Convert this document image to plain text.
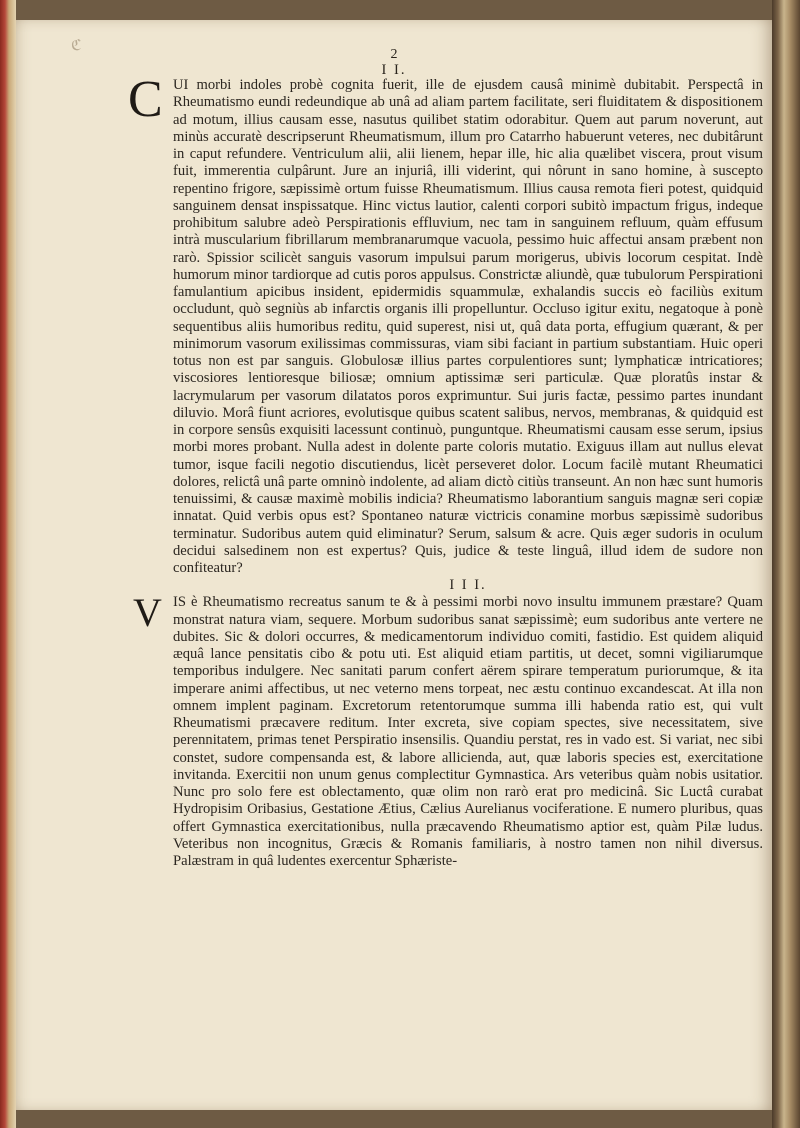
ℭ
2
I I.
C UI morbi indoles probè cognita fuerit, ille de ejusdem causâ minimè dubitabit. Perspectâ in Rheumatismo eundi redeundique ab unâ ad aliam partem facilitate, seri fluiditatem & dispositionem ad motum, illius causam esse, nasutus quilibet statim odorabitur. Quem aut parum noverunt, aut minùs accuratè descripserunt Rheumatismum, illum pro Catarrho habuerunt veteres, nec dubitârunt in caput refundere. Ventriculum alii, alii lienem, hepar ille, hic alia quælibet viscera, prout visum fuit, immerentia culpârunt. Jure an injuriâ, illi viderint, qui nôrunt in sano homine, à suscepto repentino frigore, sæpissimè ortum fuisse Rheumatismum. Illius causa remota fieri potest, quidquid sanguinem densat inspissatque. Hinc victus lautior, calenti corpori subitò impactum frigus, indeque prohibitum salubre adeò Perspirationis effluvium, nec tam in sanguinem refluum, quàm effusum intrà muscularium fibrillarum membranarumque vacuola, pessimo huic affectui ansam præbent non rarò. Spissior scilicèt sanguis vasorum impulsui parum morigerus, ubivis locorum cespitat. Indè humorum minor tardiorque ad cutis poros appulsus. Constrictæ aliundè, quæ tubulorum Perspirationi famulantium apicibus insident, epidermidis squammulæ, exhalandis succis eò faciliùs exitum occludunt, quò segniùs ab infarctis organis illi propelluntur. Occluso igitur exitu, negatoque à ponè sequentibus aliis humoribus reditu, quid superest, nisi ut, quâ data porta, effugium quærant, & per minimorum vasorum exilissimas commissuras, viam sibi faciant in partium substantiam. Huic operi totus non est par sanguis. Globulosæ illius partes corpulentiores sunt; lymphaticæ intricatiores; viscosiores lentioresque biliosæ; omnium aptissimæ seri particulæ. Quæ ploratûs instar & lacrymularum per vasorum dilatatos poros exprimuntur. Sui juris factæ, pessimo partes inundant diluvio. Morâ fiunt acriores, evolutisque quibus scatent salibus, nervos, membranas, & quidquid est in corpore sensûs exquisiti lacessunt continuò, punguntque. Rheumatismi causam esse serum, ipsius morbi mores probant. Nulla adest in dolente parte coloris mutatio. Exiguus illam aut nullus elevat tumor, isque facili negotio discutiendus, licèt perseveret dolor. Locum facilè mutant Rheumatici dolores, relictâ unâ parte omninò indolente, ad aliam dictò citiùs transeunt. An non hæc sunt humoris tenuissimi, & causæ maximè mobilis indicia? Rheumatismo laborantium sanguis magnæ seri copiæ innatat. Quid verbis opus est? Spontaneo naturæ victricis conamine morbus sæpissimè sudoribus terminatur. Sudoribus autem quid eliminatur? Serum, salsum & acre. Quis æger sudoris in oculum decidui salsedinem non est expertus? Quis, judice & teste linguâ, illud idem de sudore non confiteatur?

I I I.
V IS è Rheumatismo recreatus sanum te & à pessimi morbi novo insultu immunem præstare? Quam monstrat natura viam, sequere. Morbum sudoribus sanat sæpissimè; eum sudoribus ante vertere ne dubites. Sic & dolori occurres, & medicamentorum individuo comiti, fastidio. Est quidem aliquid æquâ lance pensitatis cibo & potu uti. Est aliquid etiam partitis, ut decet, somni vigiliarumque temporibus indulgere. Nec sanitati parum confert aërem spirare temperatum puriorumque, & ita imperare animi affectibus, ut nec veterno mens torpeat, nec æstu continuo excandescat. At illa non omnem implent paginam. Excretorum retentorumque summa illi habenda ratio est, qui vult Rheumatismi præcavere reditum. Inter excreta, sive copiam spectes, sive necessitatem, sive perennitatem, primas tenet Perspiratio insensilis. Quandiu perstat, res in vado est. Si variat, nec sibi constet, sudore compensanda est, & labore allicienda, aut, quæ laboris species est, exercitatione invitanda. Exercitii non unum genus complectitur Gymnastica. Ars veteribus quàm nobis usitatior. Nunc pro solo fere est oblectamento, quæ olim non rarò erat pro medicinâ. Sic Luctâ curabat Hydropisim Oribasius, Gestatione Ætius, Cælius Aurelianus vociferatione. E numero pluribus, quas offert Gymnastica exercitationibus, nulla præcavendo Rheumatismo aptior est, quàm Pilæ ludus. Veteribus non incognitus, Græcis & Romanis familiaris, à nostro tamen non nihil diversus. Palæstram in quâ ludentes exercentur Sphæriste-
